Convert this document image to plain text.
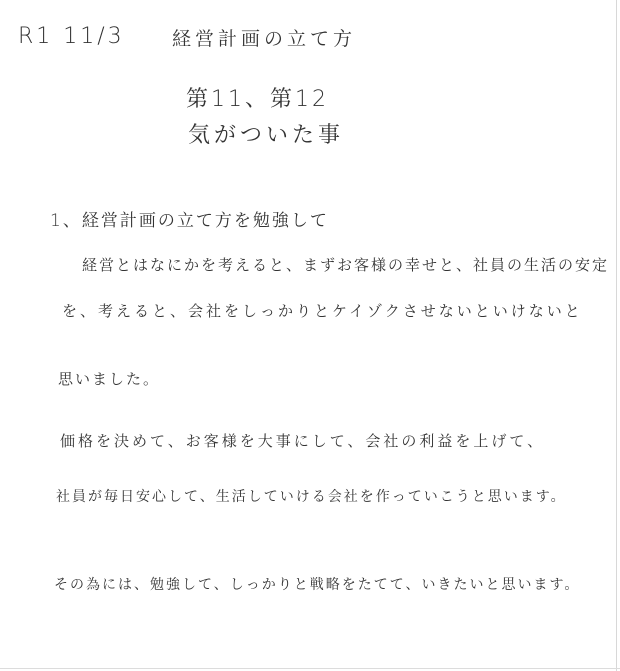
R1 11/3 経営計画の立て方
第11、第12
気がついた事
1、経営計画の立て方を勉強して
経営とはなにかを考えると、まずお客様の幸せと、社員の生活の安定
を、考えると、会社をしっかりとケイゾクさせないといけないと
思いました。
価格を決めて、お客様を大事にして、会社の利益を上げて、
社員が毎日安心して、生活していける会社を作っていこうと思います。
その為には、勉強して、しっかりと戦略をたてて、いきたいと思います。
